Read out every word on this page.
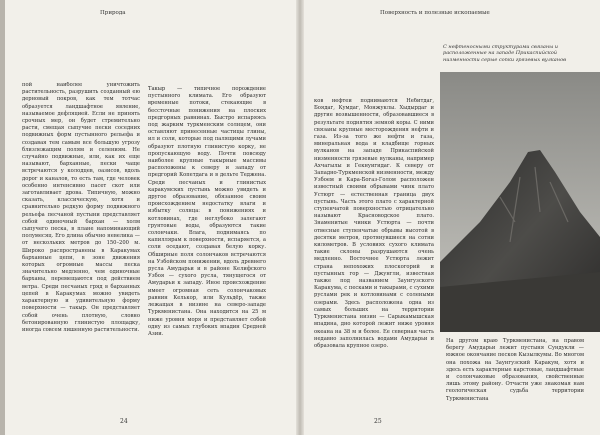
Природа

пой наиболее уничтожить растительность, разрушить созданный ею дерновый покров, как тем тотчас образуется ландшафтное явление, называемое дефляцией. Если не принять срочных мер, он будет стремительно расти, смещая сыпучие пески соседних подвижных форм пустынного рельефа и создавая тем самым все большую угрозу близлежащим полям и селениям. Не случайно подвижные, или, как их еще называют, барханные, пески чаще встречаются у колодцев, оазисов, вдоль дорог и каналов, то есть там, где человек особенно интенсивно пасет скот или заготавливает дрова. Типичную, можно сказать, классическую, хотя и сравнительно редкую форму подвижного рельефа песчаной пустыни представляет собой одиночный бархан — холм сыпучего песка, в плане напоминающий полумесяц. Его длина обычно невелика — от нескольких метров до 150–200 м. Широко распространены в Каракумах барханные цепи, в зоне движения которых огромные массы песка значительно медленно, чем одиночные барханы, перемещаются под действием ветра. Среди песчаных гряд в барханных цепей в Каракумах можно увидеть характерную и удивительную форму поверхности — такыр. Он представляет собой очень плотную, словно бетонированную глинистую площадку, иногда совсем лишенную растительности.

Такыр — типичное порождение пустынного климата. Его образуют временные потоки, стекающие в бессточные понижения на плоских предгорных равнинах. Быстро испаряясь под жарким туркменским солнцем, они оставляют принесенные частицы глины, ил и соли, которые под палящими лучами образуют плотную глинистую корку, не пропускающую воду. Почти повсюду наиболее крупные такырные массивы расположены к северу и западу от предгорий Копетдага и в дельте Теджена. Среди песчаных и глинистых каракумских пустынь можно увидеть и другое образование, обязанное своим происхождением недостатку влаги и избытку солнца: в понижениях и котловинах, где неглубоко залегают грунтовые воды, образуются такие солончаки. Влага, поднимаясь по капиллярам к поверхности, испаряется, а соли оседают, создавая белую корку. Обширные поля солончаков встречаются на Узбойском понижении, вдоль древнего русла Амударьи и в районе Келифского Узбоя — сухого русла, тянущегося от Амударьи к западу. Иное происхождение имеет огромная сеть солончаковых равнин Келькор, или Кульдёр, также лежащая в низине на северо-западе Туркменистана. Она находится на 25 м ниже уровня моря и представляет собой одну из самых глубоких впадин Средней Азии.

24
Поверхность и полезные ископаемые
С нефтеносными структурами связаны и расположенные на западе Прикаспийской низменности серые сопки грязевых вулканов

ков нефтеи поднимаются Небитдаг, Боядаг, Кумдаг, Монжуклы. Хыдырдаг и другие возвышенности, образовавшиеся в результате поднятия земной коры. С ними связаны крупные месторождения нефти и газа. Из-за того же нефти и газа, минеральная вода и кладбище горных вулканов на западе Прикаспийской низменности грязевые вулканы, например Ахчагылы и Гекнуигидаг. К северу от Западно-Туркменской низменности, между Узбоем и Кара-Богаз-Голом расположен известный своими обрывами чинк плато Устюрт — естественная граница двух пустынь. Часть этого плато с характерной ступенчатой поверхностью отрицательно называют Красноводское плато. Знаменитые чинки Устюрта — почти отвесные ступенчатые обрывы высотой в десятки метров, протянувшиеся на сотни километров. В условиях сухого климата такие склоны разрушаются очень медленно. Восточнее Устюрта лежит страна непохожих плоскогорий и пустынных гор — Джунгли, известная также под названием Заунгузского Каракума, с песками и такырами, с сухими руслами рек и котловинами с солеными озерами. Здесь расположена одна из самых больших на территории Туркменистана низин — Сарыкамышская впадина, дно которой лежит ниже уровня океана на 38 м и более. Ее северная часть недавно заполнилась водами Амударьи и образовала крупное озеро.

На другом краю Туркменистана, на правом берегу Амударьи лежит пустыня Сундукли — южное окончание песков Кызылкумы. Во многом она похожа на Заунгузский Каракум, хотя и здесь есть характерные карстовые, ландшафтные и солончаковые образования, свойственные лишь этому району. Отчасти уже знакомая нам геологическая судьба территории Туркменистана

25
